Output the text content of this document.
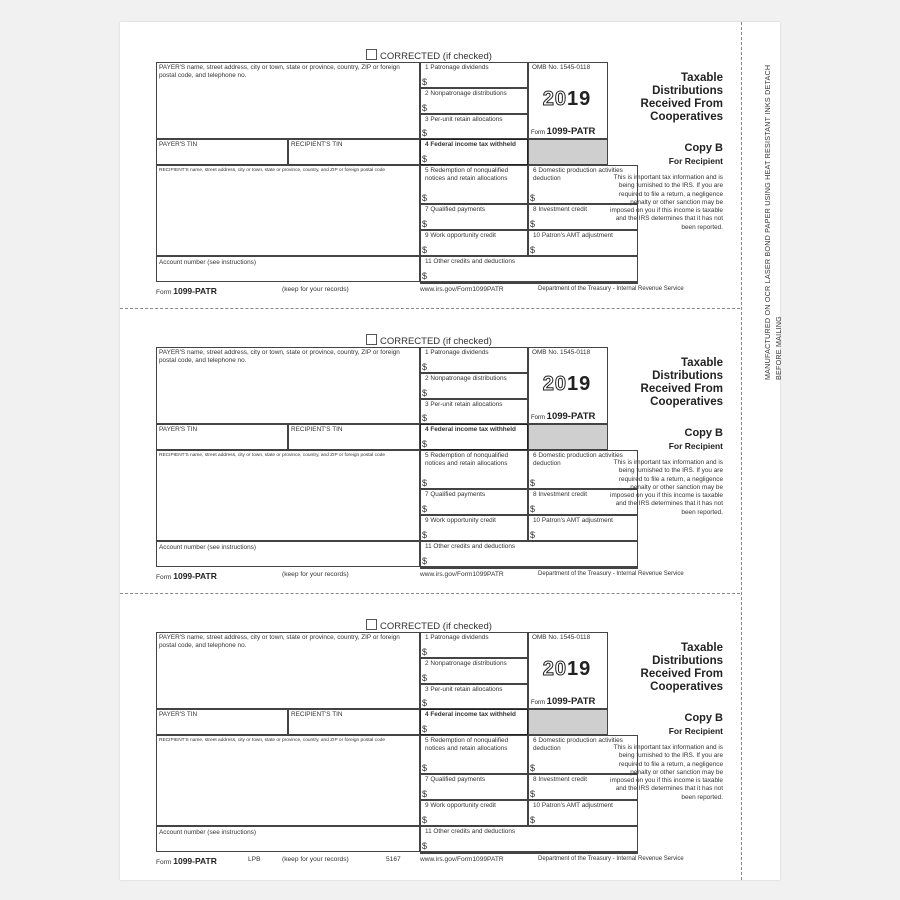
MANUFACTURED ON OCR LASER BOND PAPER USING HEAT RESISTANT INKS DETACH BEFORE MAILING
CORRECTED (if checked)
PAYER'S name, street address, city or town, state or province, country, ZIP or foreign postal code, and telephone no.
1 Patronage dividends
$
2 Nonpatronage distributions
$
3 Per-unit retain allocations
$
OMB No. 1545-0118
2019
Form 1099-PATR
Taxable Distributions Received From Cooperatives
PAYER'S TIN	RECIPIENT'S TIN	4 Federal income tax withheld
$
Copy B
For Recipient
This is important tax information and is being furnished to the IRS. If you are required to file a return, a negligence penalty or other sanction may be imposed on you if this income is taxable and the IRS determines that it has not been reported.
RECIPIENT'S name, street address, city or town, state or province, country, and ZIP or foreign postal code	5 Redemption of nonqualified notices and retain allocations
$
6 Domestic production activities deduction
$
7 Qualified payments
$
8 Investment credit
$
9 Work opportunity credit
$
10 Patron's AMT adjustment
$
Account number (see instructions)
Form 1099-PATR	(keep for your records)	www.irs.gov/Form1099PATR	Department of the Treasury - Internal Revenue Service
11 Other credits and deductions
$
CORRECTED (if checked)
PAYER'S name, street address, city or town, state or province, country, ZIP or foreign postal code, and telephone no.
1 Patronage dividends
$
2 Nonpatronage distributions
$
3 Per-unit retain allocations
$
OMB No. 1545-0118
2019
Form 1099-PATR
Taxable Distributions Received From Cooperatives
PAYER'S TIN	RECIPIENT'S TIN	4 Federal income tax withheld
$
Copy B
For Recipient
This is important tax information and is being furnished to the IRS. If you are required to file a return, a negligence penalty or other sanction may be imposed on you if this income is taxable and the IRS determines that it has not been reported.
RECIPIENT'S name, street address, city or town, state or province, country, and ZIP or foreign postal code	5 Redemption of nonqualified notices and retain allocations
$
6 Domestic production activities deduction
$
7 Qualified payments
$
8 Investment credit
$
9 Work opportunity credit
$
10 Patron's AMT adjustment
$
Account number (see instructions)
Form 1099-PATR	(keep for your records)	www.irs.gov/Form1099PATR	Department of the Treasury - Internal Revenue Service
11 Other credits and deductions
$
CORRECTED (if checked)
PAYER'S name, street address, city or town, state or province, country, ZIP or foreign postal code, and telephone no.
1 Patronage dividends
$
2 Nonpatronage distributions
$
3 Per-unit retain allocations
$
OMB No. 1545-0118
2019
Form 1099-PATR
Taxable Distributions Received From Cooperatives
PAYER'S TIN	RECIPIENT'S TIN	4 Federal income tax withheld
$
Copy B
For Recipient
This is important tax information and is being furnished to the IRS. If you are required to file a return, a negligence penalty or other sanction may be imposed on you if this income is taxable and the IRS determines that it has not been reported.
RECIPIENT'S name, street address, city or town, state or province, country, and ZIP or foreign postal code	5 Redemption of nonqualified notices and retain allocations
$
6 Domestic production activities deduction
$
7 Qualified payments
$
8 Investment credit
$
9 Work opportunity credit
$
10 Patron's AMT adjustment
$
Account number (see instructions)
Form 1099-PATR	LPB	5167
(keep for your records)	www.irs.gov/Form1099PATR	Department of the Treasury - Internal Revenue Service
11 Other credits and deductions
$
